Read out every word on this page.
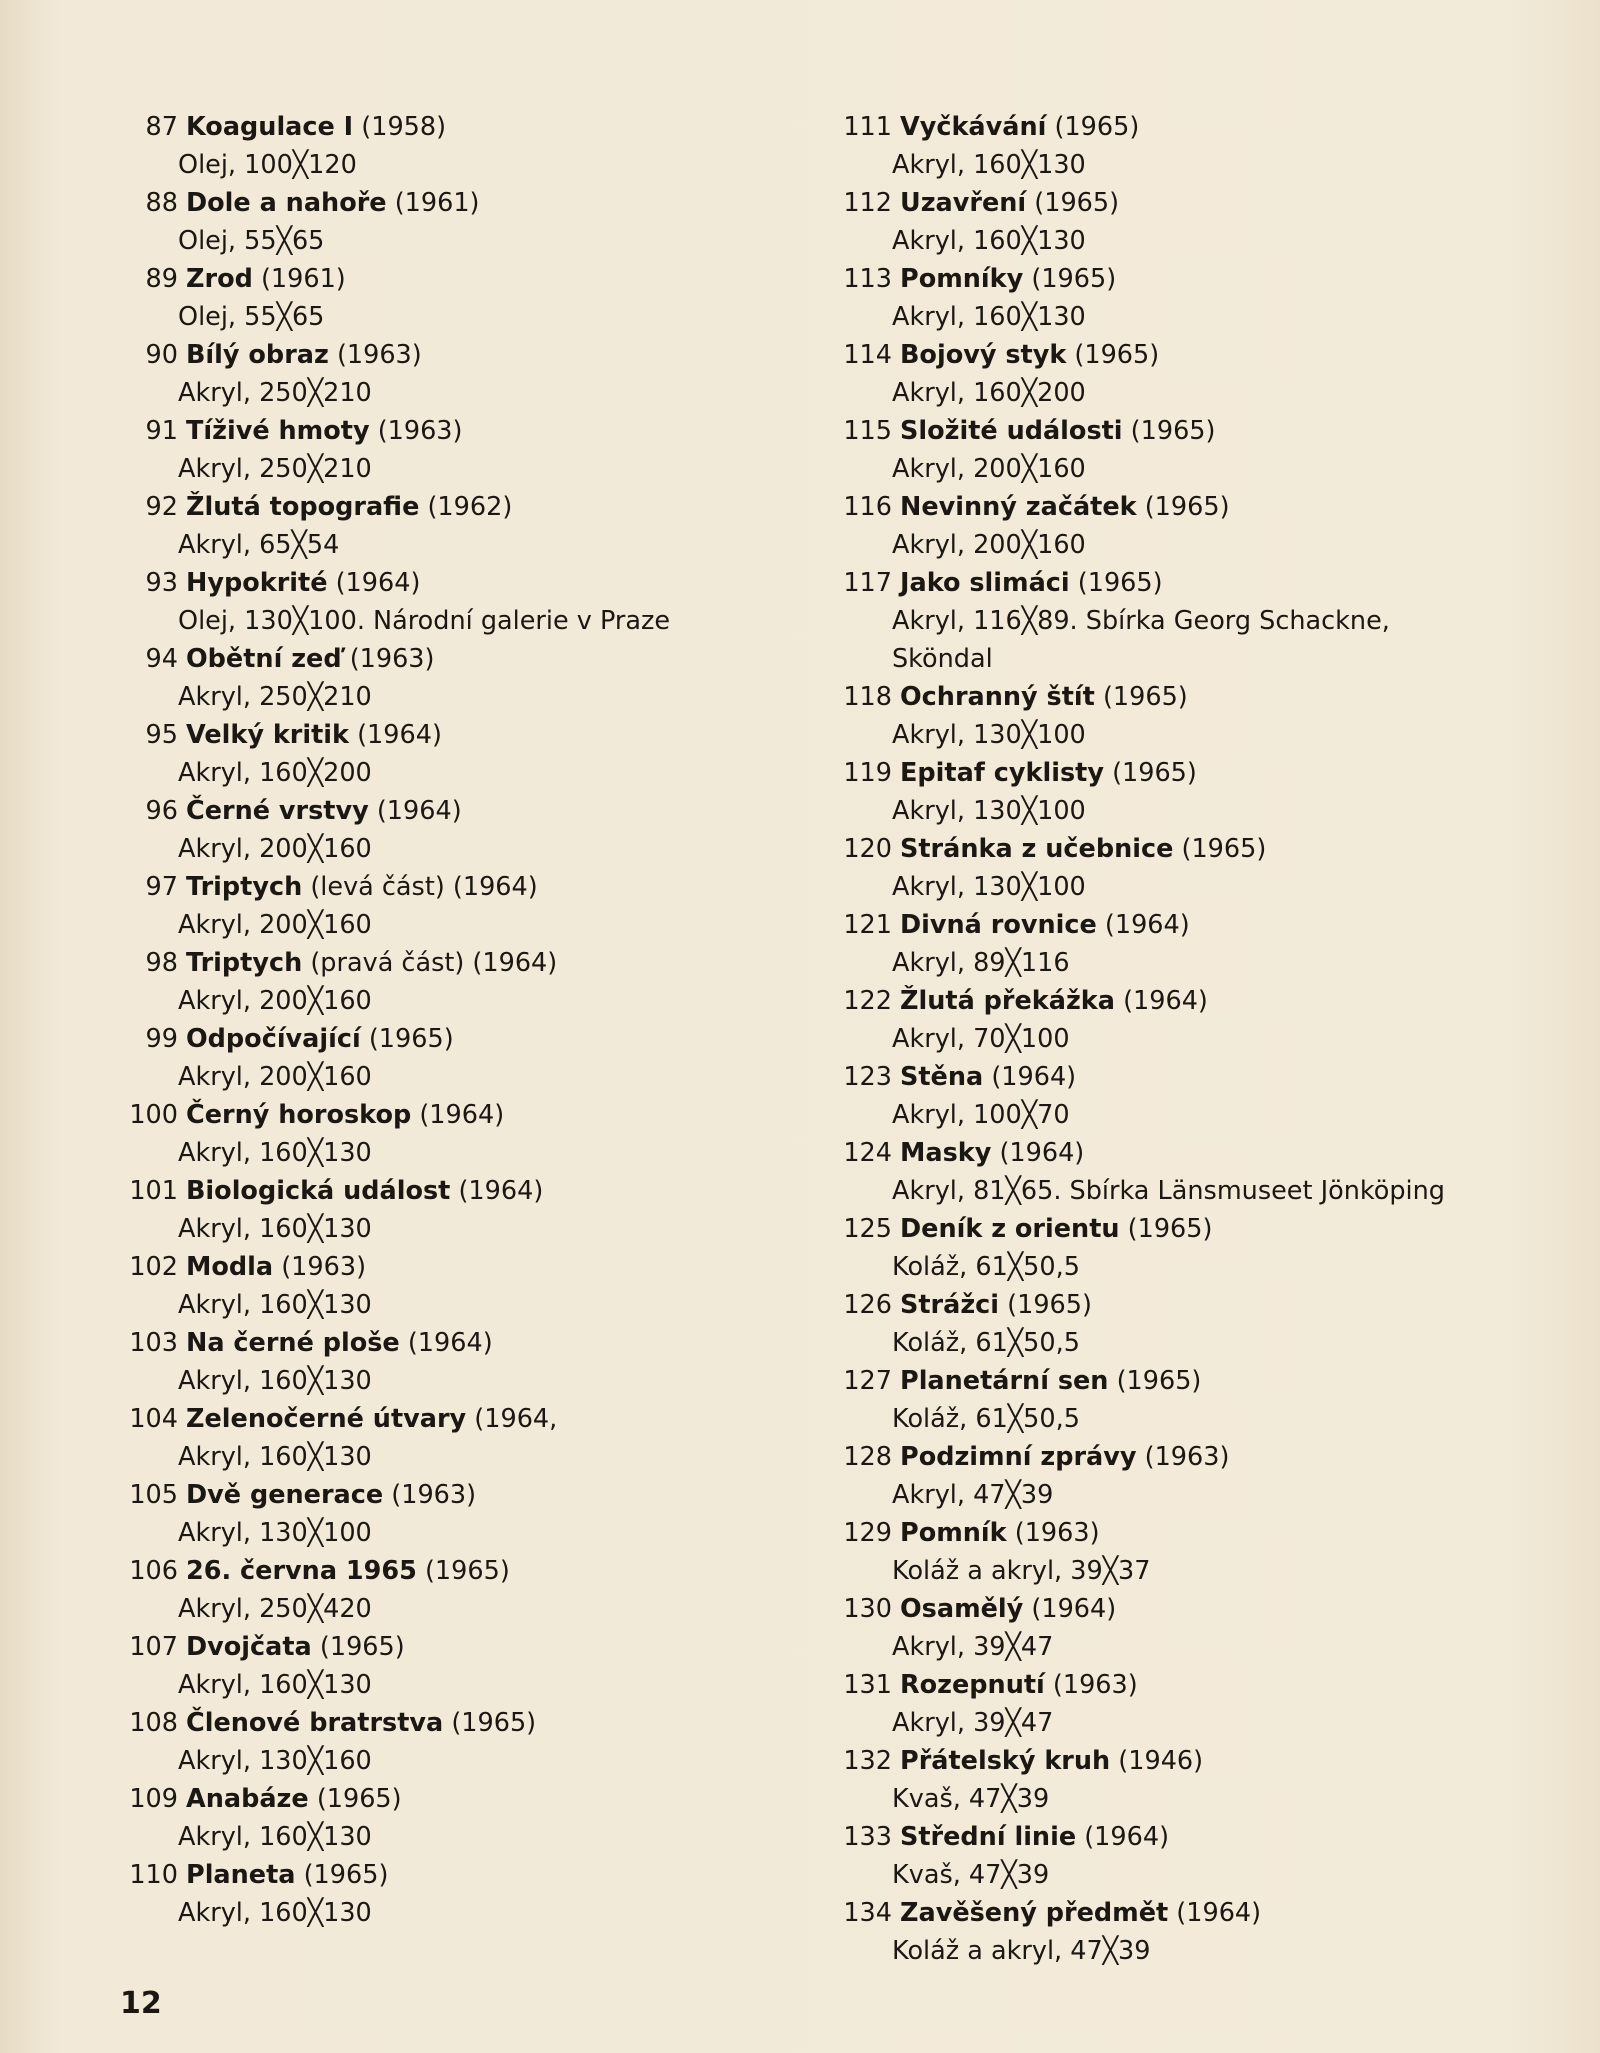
87 Koagulace I (1958)
Olej, 100╳120
88 Dole a nahoře (1961)
Olej, 55╳65
89 Zrod (1961)
Olej, 55╳65
90 Bílý obraz (1963)
Akryl, 250╳210
91 Tíživé hmoty (1963)
Akryl, 250╳210
92 Žlutá topografie (1962)
Akryl, 65╳54
93 Hypokrité (1964)
Olej, 130╳100. Národní galerie v Praze
94 Obětní zeď (1963)
Akryl, 250╳210
95 Velký kritik (1964)
Akryl, 160╳200
96 Černé vrstvy (1964)
Akryl, 200╳160
97 Triptych (levá část) (1964)
Akryl, 200╳160
98 Triptych (pravá část) (1964)
Akryl, 200╳160
99 Odpočívající (1965)
Akryl, 200╳160
100 Černý horoskop (1964)
Akryl, 160╳130
101 Biologická událost (1964)
Akryl, 160╳130
102 Modla (1963)
Akryl, 160╳130
103 Na černé ploše (1964)
Akryl, 160╳130
104 Zelenočerné útvary (1964,
Akryl, 160╳130
105 Dvě generace (1963)
Akryl, 130╳100
106 26. června 1965 (1965)
Akryl, 250╳420
107 Dvojčata (1965)
Akryl, 160╳130
108 Členové bratrstva (1965)
Akryl, 130╳160
109 Anabáze (1965)
Akryl, 160╳130
110 Planeta (1965)
Akryl, 160╳130
111 Vyčkávání (1965)
Akryl, 160╳130
112 Uzavření (1965)
Akryl, 160╳130
113 Pomníky (1965)
Akryl, 160╳130
114 Bojový styk (1965)
Akryl, 160╳200
115 Složité události (1965)
Akryl, 200╳160
116 Nevinný začátek (1965)
Akryl, 200╳160
117 Jako slimáci (1965)
Akryl, 116╳89. Sbírka Georg Schackne,
Sköndal
118 Ochranný štít (1965)
Akryl, 130╳100
119 Epitaf cyklisty (1965)
Akryl, 130╳100
120 Stránka z učebnice (1965)
Akryl, 130╳100
121 Divná rovnice (1964)
Akryl, 89╳116
122 Žlutá překážka (1964)
Akryl, 70╳100
123 Stěna (1964)
Akryl, 100╳70
124 Masky (1964)
Akryl, 81╳65. Sbírka Länsmuseet Jönköping
125 Deník z orientu (1965)
Koláž, 61╳50,5
126 Strážci (1965)
Koláž, 61╳50,5
127 Planetární sen (1965)
Koláž, 61╳50,5
128 Podzimní zprávy (1963)
Akryl, 47╳39
129 Pomník (1963)
Koláž a akryl, 39╳37
130 Osamělý (1964)
Akryl, 39╳47
131 Rozepnutí (1963)
Akryl, 39╳47
132 Přátelský kruh (1946)
Kvaš, 47╳39
133 Střední linie (1964)
Kvaš, 47╳39
134 Zavěšený předmět (1964)
Koláž a akryl, 47╳39
12
